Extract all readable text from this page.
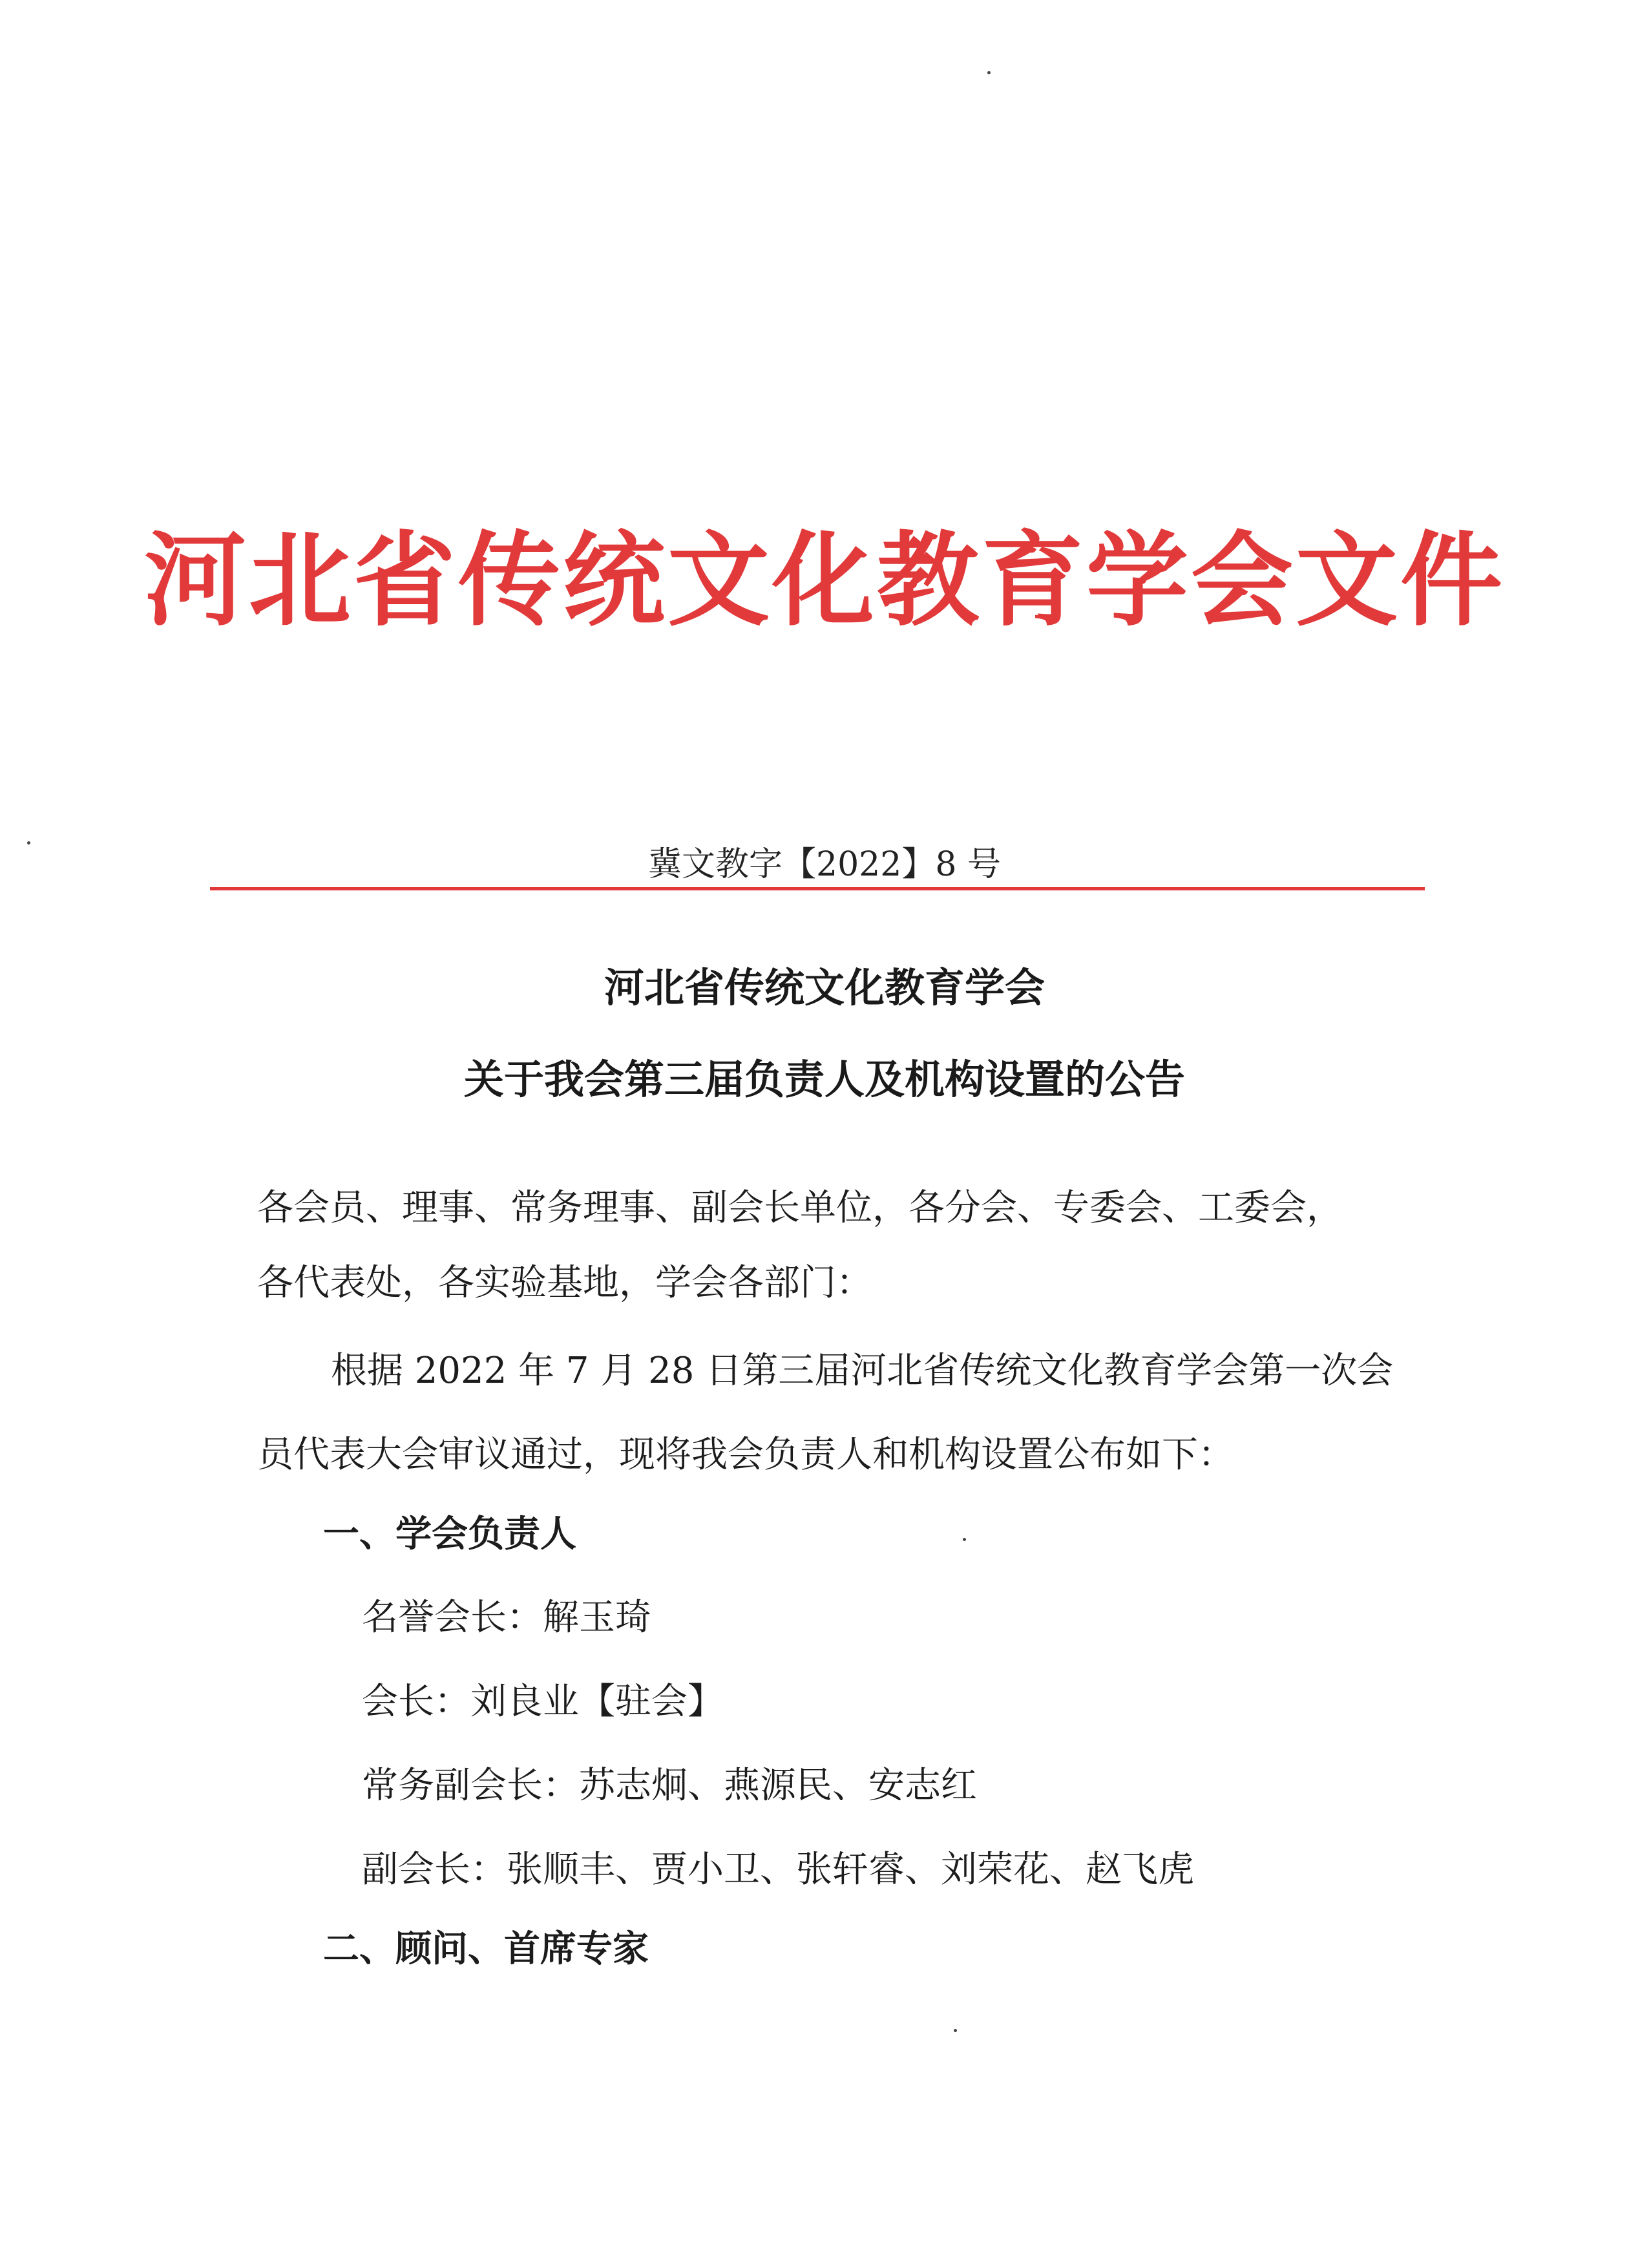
河北省传统文化教育学会文件
冀文教字【2022】8 号
河北省传统文化教育学会
关于我会第三届负责人及机构设置的公告
各会员、理事、常务理事、副会长单位，各分会、专委会、工委会，
各代表处，各实验基地，学会各部门：
根据 2022 年 7 月 28 日第三届河北省传统文化教育学会第一次会
员代表大会审议通过，现将我会负责人和机构设置公布如下：
一、学会负责人
名誉会长：解玉琦
会长：刘良业【驻会】
常务副会长：苏志炯、燕源民、安志红
副会长：张顺丰、贾小卫、张轩睿、刘荣花、赵飞虎
二、顾问、首席专家
